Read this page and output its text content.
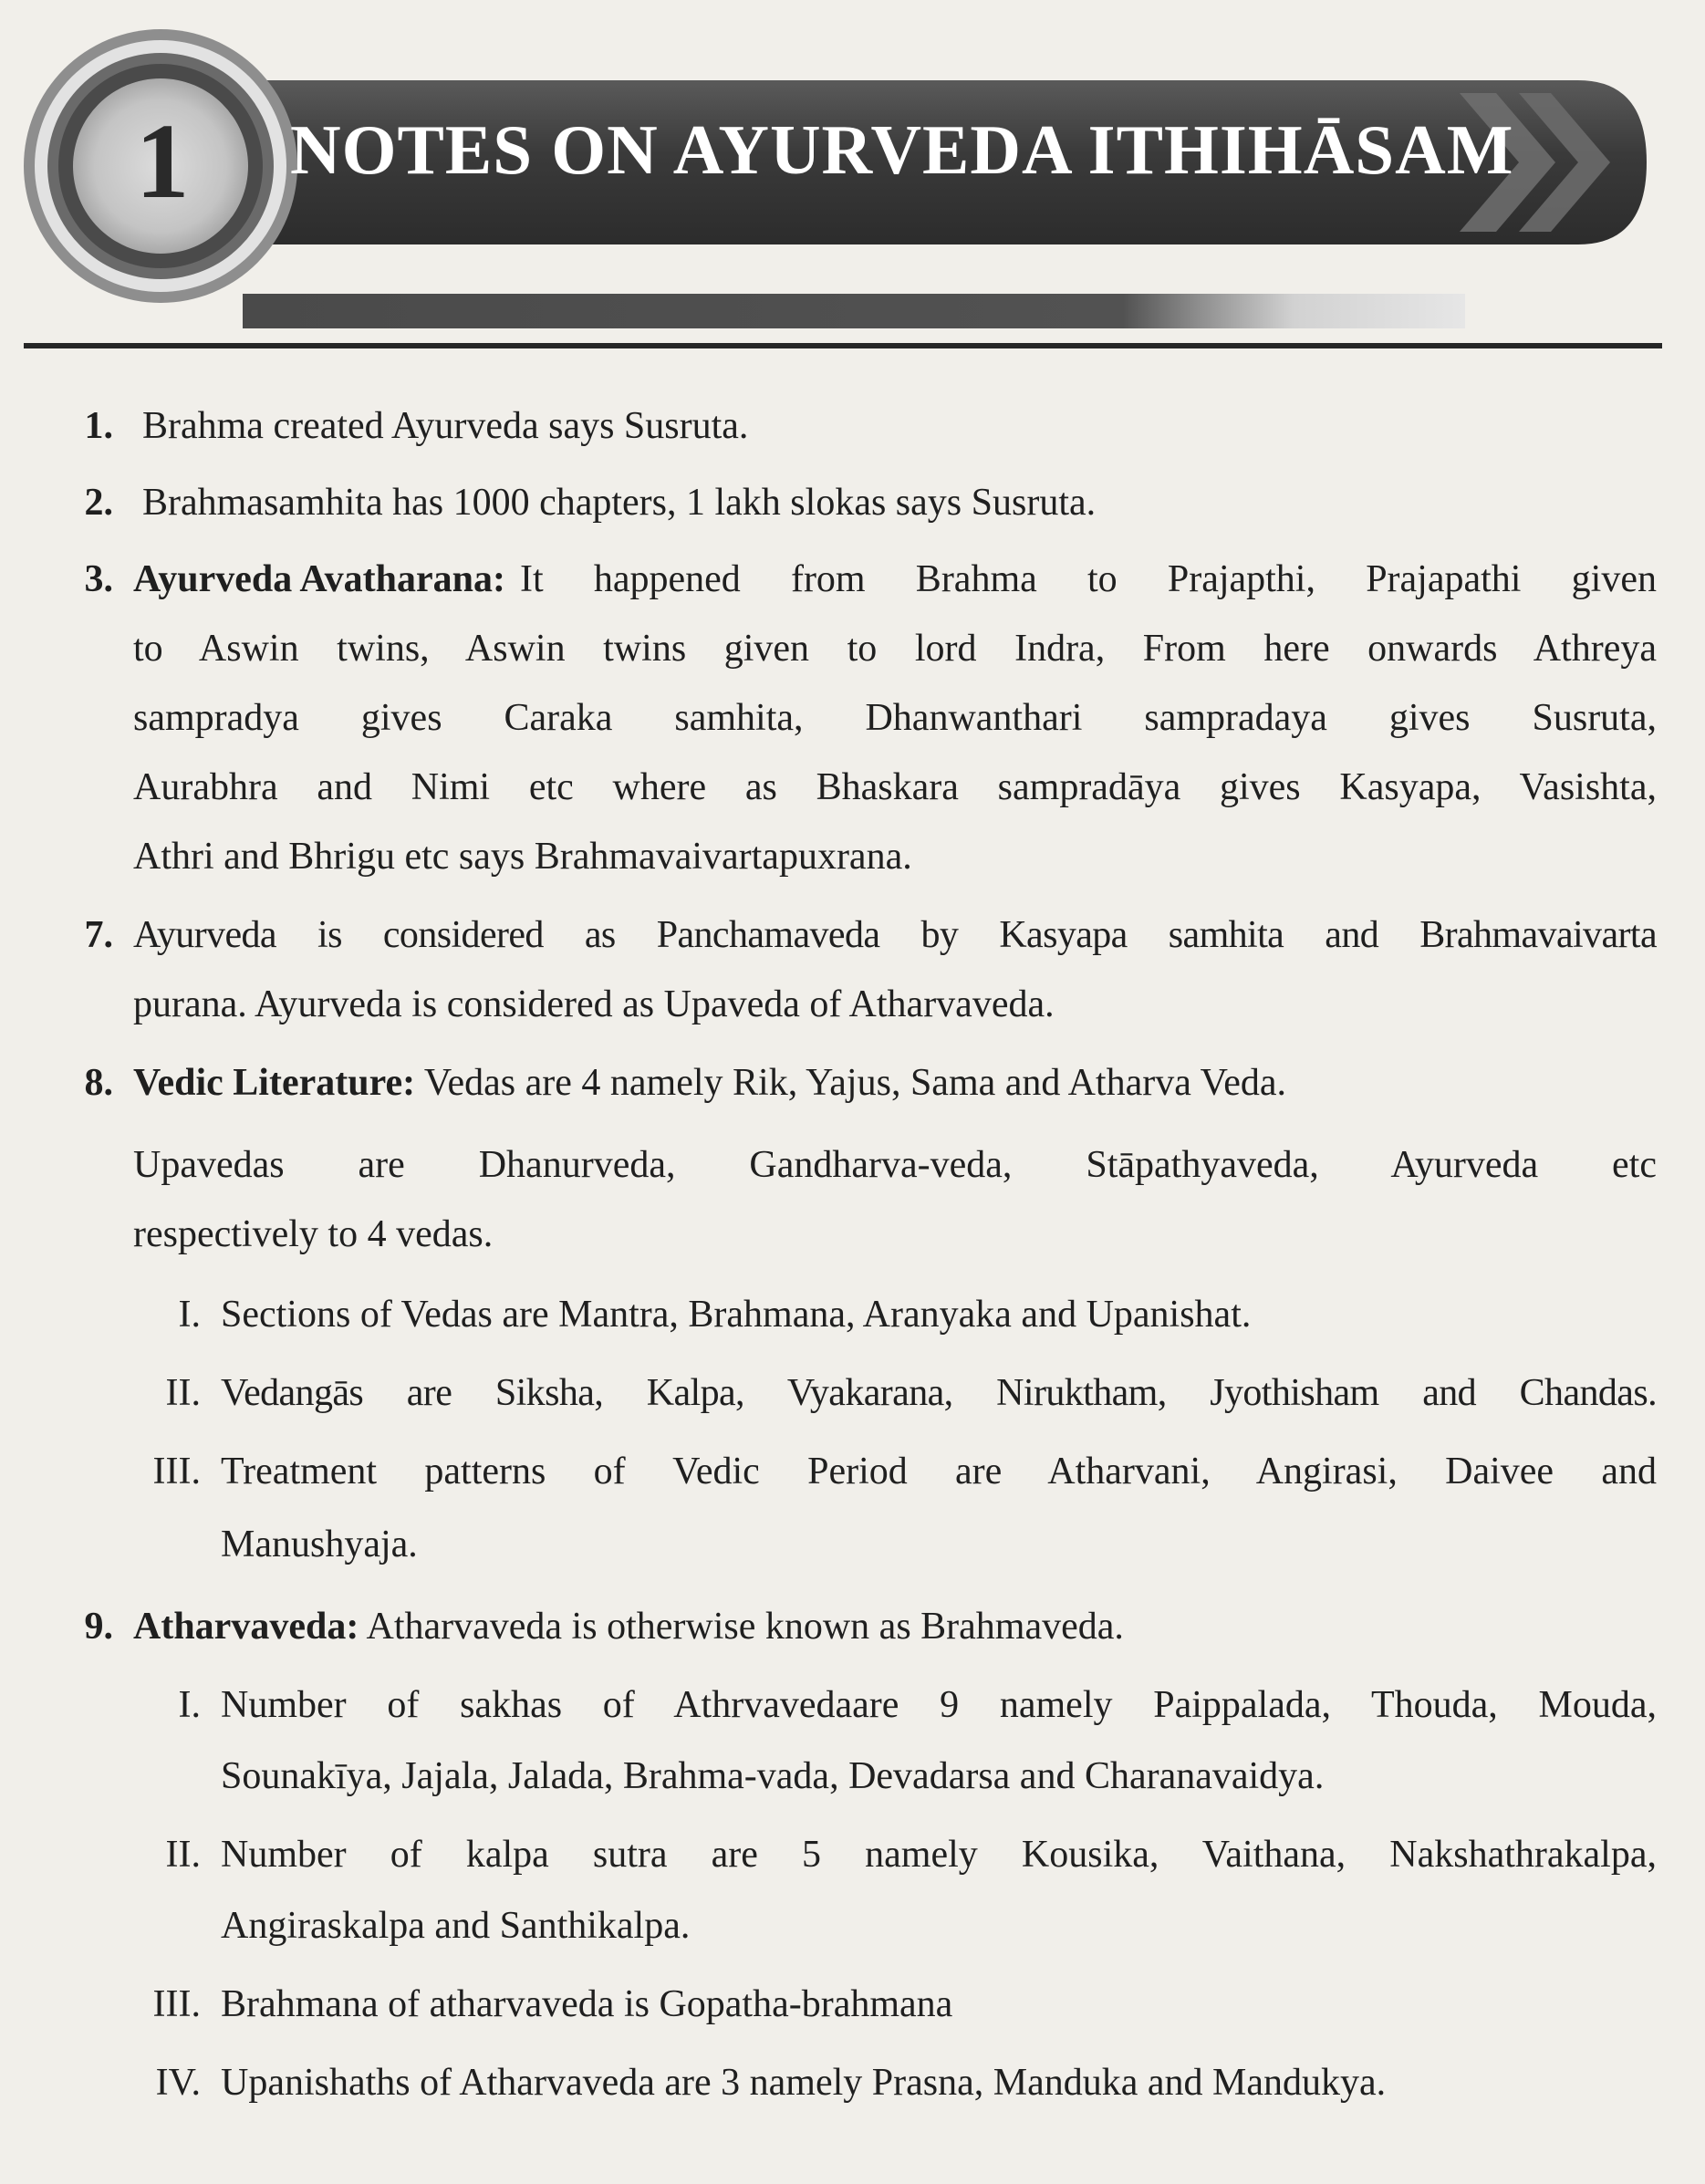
1	NOTES ON AYURVEDA ITHIHĀSAM
1. Brahma created Ayurveda says Susruta.
2. Brahmasamhita has 1000 chapters, 1 lakh slokas says Susruta.
3. Ayurveda Avatharana: It happened from Brahma to Prajapthi, Prajapathi given
to Aswin twins, Aswin twins given to lord Indra, From here onwards Athreya
sampradya gives Caraka samhita, Dhanwanthari sampradaya gives Susruta,
Aurabhra and Nimi etc where as Bhaskara sampradāya gives Kasyapa, Vasishta,
Athri and Bhrigu etc says Brahmavaivartapuxrana.
7. Ayurveda is considered as Panchamaveda by Kasyapa samhita and Brahmavaivarta
purana. Ayurveda is considered as Upaveda of Atharvaveda.
8. Vedic Literature: Vedas are 4 namely Rik, Yajus, Sama and Atharva Veda.
Upavedas are Dhanurveda, Gandharva-veda, Stāpathyaveda, Ayurveda etc
respectively to 4 vedas.
I. Sections of Vedas are Mantra, Brahmana, Aranyaka and Upanishat.
II. Vedangās are Siksha, Kalpa, Vyakarana, Niruktham, Jyothisham and Chandas.
III. Treatment patterns of Vedic Period are Atharvani, Angirasi, Daivee and
Manushyaja.
9. Atharvaveda: Atharvaveda is otherwise known as Brahmaveda.
I. Number of sakhas of Athrvavedaare 9 namely Paippalada, Thouda, Mouda,
Sounakīya, Jajala, Jalada, Brahma-vada, Devadarsa and Charanavaidya.
II. Number of kalpa sutra are 5 namely Kousika, Vaithana, Nakshathrakalpa,
Angiraskalpa and Santhikalpa.
III. Brahmana of atharvaveda is Gopatha-brahmana
IV. Upanishaths of Atharvaveda are 3 namely Prasna, Manduka and Mandukya.
